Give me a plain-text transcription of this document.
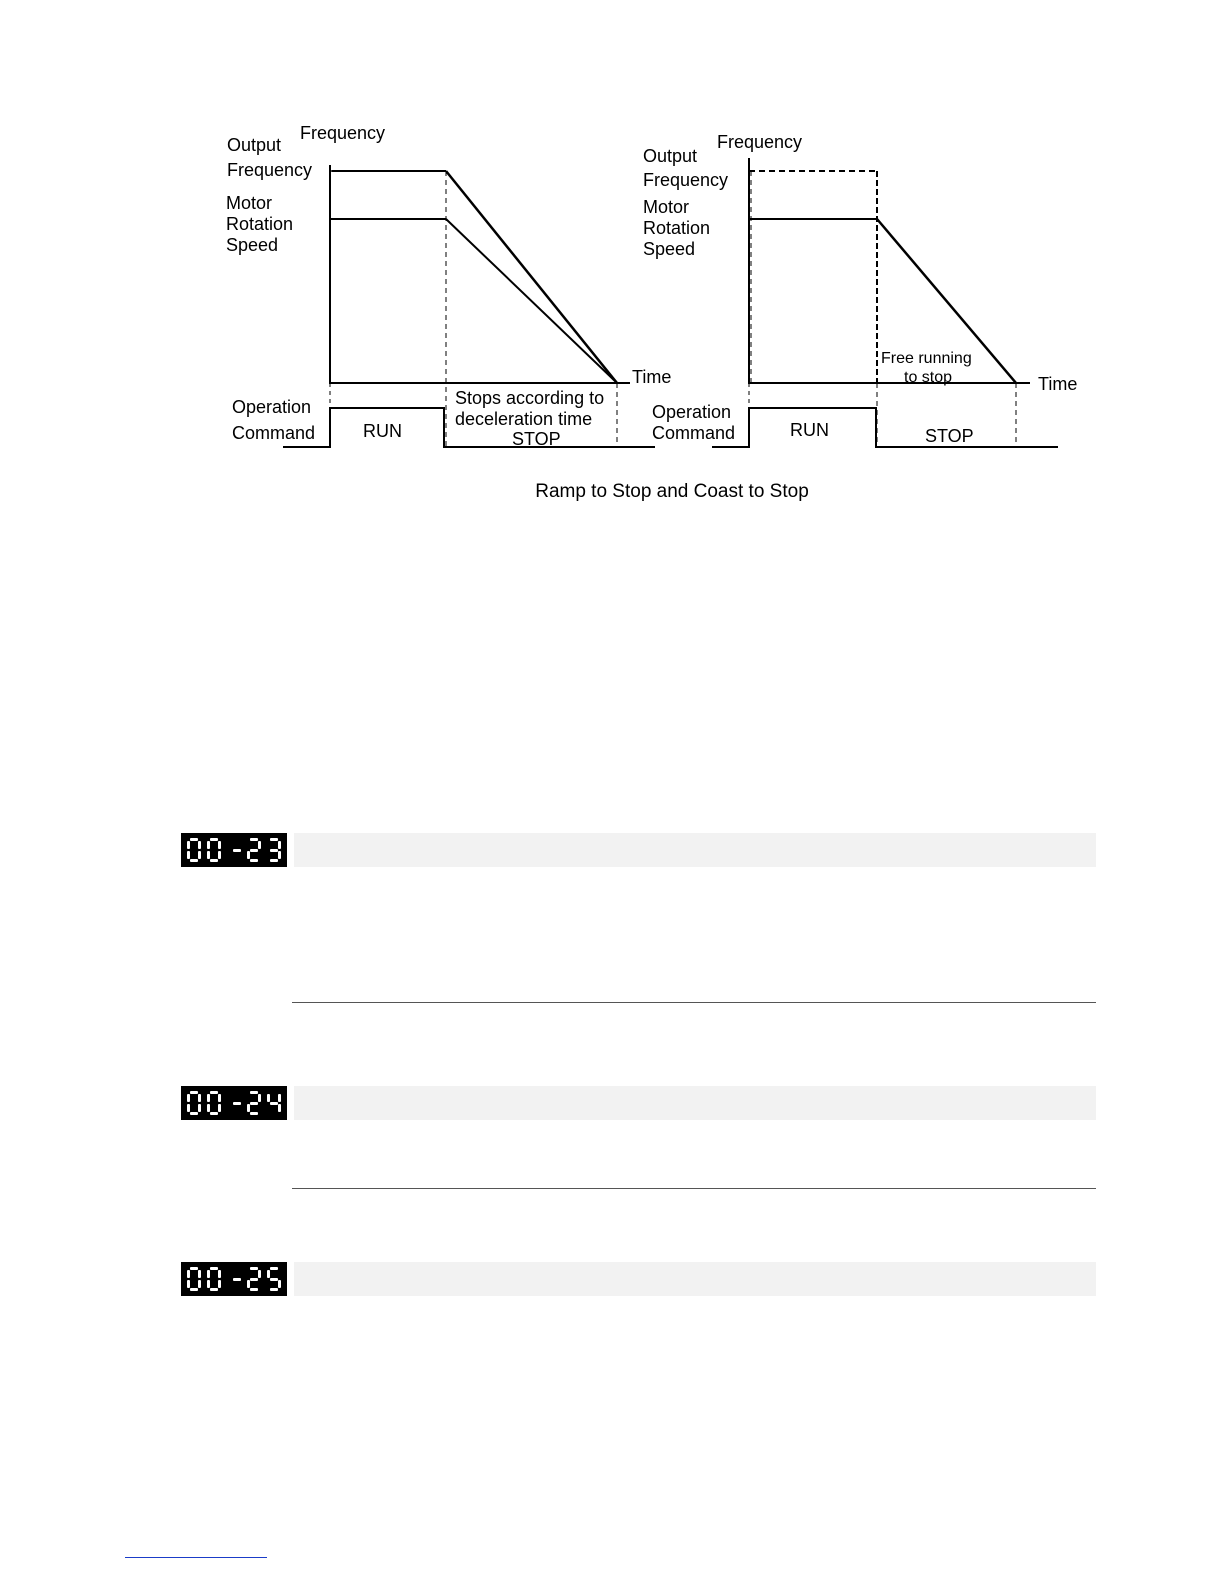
Frequency
Output
Frequency
Motor
Rotation
Speed
Time
Operation
Command	RUN
Stops according to
deceleration time
STOP
Frequency
Output
Frequency
Motor
Rotation
Speed
Time
Free running
to stop
Operation
Command	RUN	STOP
Ramp to Stop and Coast to Stop
